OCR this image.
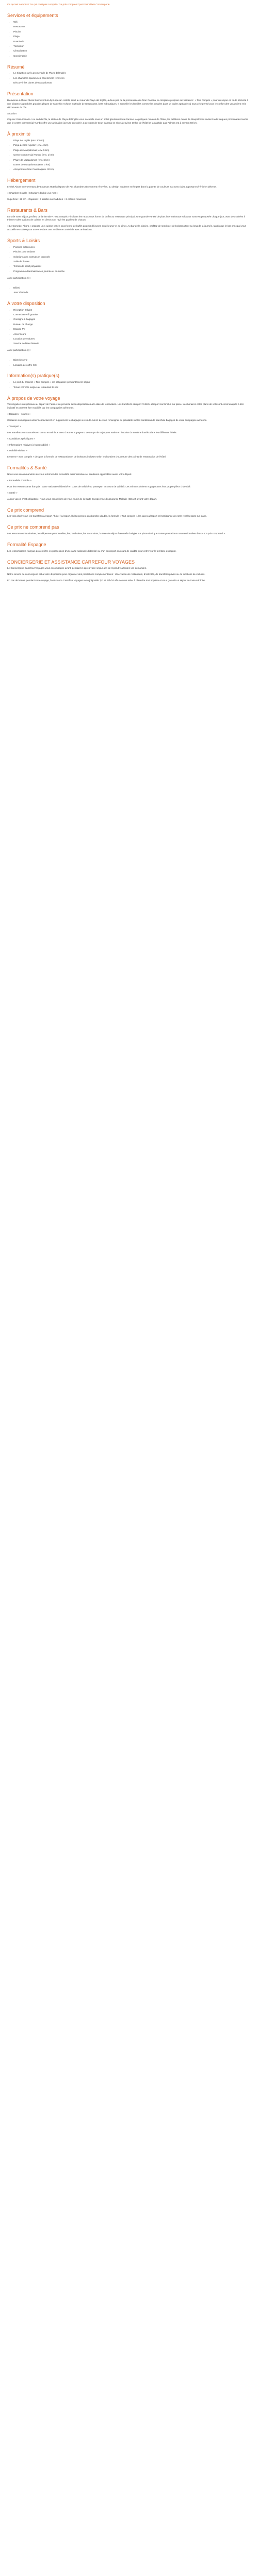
Ce qui est compris / Ce qui n'est pas compris / Ce prix comprend par Formalités Conciergerie
Services et équipements
• Wifi
• Restaurant
• Piscine
• Plage
• Buanderie
• Télévision
• Climatisation
• Conciergerie
Résumé
• Le Situation sur la promenade de Playa del Inglés
• Les chambres spacieuses, récemment rénovées
• Découvrir les dunes de Maspalomas
Présentation
Bienvenue à l'hôtel Abora Buenaventura by Lopesan Hotels, situé au cœur de Playa del Inglés, à deux pas de la promenade de Gran Canaria, le complexe propose aux visiteurs : « Tout compris » pour un séjour en toute sérénité à une distance à pied des grandes plages de sable fin et d'une multitude de restaurants, bars et boutiques. Il accueille les familles comme les couples dans un cadre agréable où tout a été pensé pour le confort des vacanciers et la découverte de l'île.
Situation
Cap sur Gran Canaria ! Au sud de l'île, la station de Playa del Inglés vous accueille sous un soleil généreux toute l'année. À quelques minutes de l'hôtel, les célèbres dunes de Maspalomas invitent à de longues promenades tandis que le centre commercial Yumbo offre une animation joyeuse en soirée. L'aéroport de Gran Canaria se situe à environ 30 km de l'hôtel et la capitale Las Palmas est à environ 50 km.
À proximité
• Playa del Inglés (env. 200 m)
• Playa de San Agustin (env. 4 km)
• Plage de Maspalomas (env. 5 km)
• Centre commercial Yumbo (env. 1 km)
• Phare de Maspalomas (env. 6 km)
• Dunes de Maspalomas (env. 3 km)
• Aéroport de Gran Canaria (env. 30 km)
Hébergement
L'hôtel Abora Buenaventura by Lopesan Hotels dispose de 724 chambres récemment rénovées, au design moderne et élégant dans la palette de couleurs aux tons clairs apportant sérénité et détente.
« Chambre Double / Chambre double vue mer »
Superficie : 26 m² – Capacité : 3 adultes ou 2 adultes + 2 enfants maximum
Restaurants & Bars
Lors de votre séjour, profitez de la formule « Tout compris » incluant les repas sous forme de buffet au restaurant principal. Une grande variété de plats internationaux et locaux vous est proposée chaque jour, avec des soirées à thème et des stations de cuisine en direct pour ravir les papilles de chacun.
« Le Comedor Abora » propose une cuisine variée sous forme de buffet au petit-déjeuner, au déjeuner et au dîner. Au bar de la piscine, profitez de snacks et de boissons tout au long de la journée, tandis que le bar principal vous accueille en soirée pour un verre dans une ambiance conviviale avec animations.
Sports & Loisirs
• Piscines extérieures
• Piscine pour enfants
• Solarium avec transats et parasols
• Salle de fitness
• Terrain de sport polyvalent
• Programme d'animations en journée et en soirée
Avec participation (€) :
• Billard
• Jeux d'arcade
À votre disposition
• Réception 24h/24
• Connexion Wifi gratuite
• Consigne à bagages
• Bureau de change
• Espace TV
• Ascenseurs
• Location de voitures
• Service de blanchisserie
Avec participation (€) :
• Blanchisserie
• Location de coffre-fort
Information(s) pratique(s)
• Le port du bracelet « Tout compris » est obligatoire pendant tout le séjour
• Tenue correcte exigée au restaurant le soir
À propos de votre voyage
Vols réguliers ou spéciaux au départ de Paris et de province selon disponibilités à la date de réservation. Les transferts aéroport / hôtel / aéroport sont inclus sur place. Les horaires et les plans de vols sont communiqués à titre indicatif et peuvent être modifiés par les compagnies aériennes.
« Bagages – soumis »
Certaines compagnies aériennes facturent en supplément les bagages en soute. Merci de vous renseigner au préalable sur les conditions de franchise bagages de votre compagnie aérienne.
« Transport »
Les transferts sont assurés en car ou en minibus avec d'autres voyageurs. Le temps de trajet peut varier en fonction du nombre d'arrêts dans les différents hôtels.
« Conditions spécifiques »
« Informations relatives à l'accessibilité »
« Mobilité réduite »
Le terme « tout compris » désigne la formule de restauration et de boissons incluses selon les horaires d'ouverture des points de restauration de l'hôtel.
Formalités & Santé
Nous vous recommandons de vous informer des formalités administratives et sanitaires applicables avant votre départ.
« Formalités d'entrée »
Pour les ressortissants français : carte nationale d'identité en cours de validité ou passeport en cours de validité. Les mineurs doivent voyager avec leur propre pièce d'identité.
« Santé »
Aucun vaccin n'est obligatoire. Nous vous conseillons de vous munir de la Carte Européenne d'Assurance Maladie (CEAM) avant votre départ.
Ce prix comprend
Les vols aller/retour, les transferts aéroport / hôtel / aéroport, l'hébergement en chambre double, la formule « Tout compris », les taxes aéroport et l'assistance de notre représentant sur place.
Ce prix ne comprend pas
Les assurances facultatives, les dépenses personnelles, les pourboires, les excursions, la taxe de séjour éventuelle à régler sur place ainsi que toutes prestations non mentionnées dans « Ce prix comprend ».
Formalité Espagne
Les ressortissants français doivent être en possession d'une carte nationale d'identité ou d'un passeport en cours de validité pour entrer sur le territoire espagnol.
CONCIERGERIE ET ASSISTANCE CARREFOUR VOYAGES
Le Conciergerie Carrefour Voyages vous accompagne avant, pendant et après votre séjour afin de répondre à toutes vos demandes.
Notre service de conciergerie est à votre disposition pour organiser des prestations complémentaires : réservation de restaurants, d'activités, de transferts privés ou de locations de voitures.
En cas de besoin pendant votre voyage, l'assistance Carrefour Voyages reste joignable 7j/7 et 24h/24 afin de vous aider à résoudre tout imprévu et vous garantir un séjour en toute sérénité.
